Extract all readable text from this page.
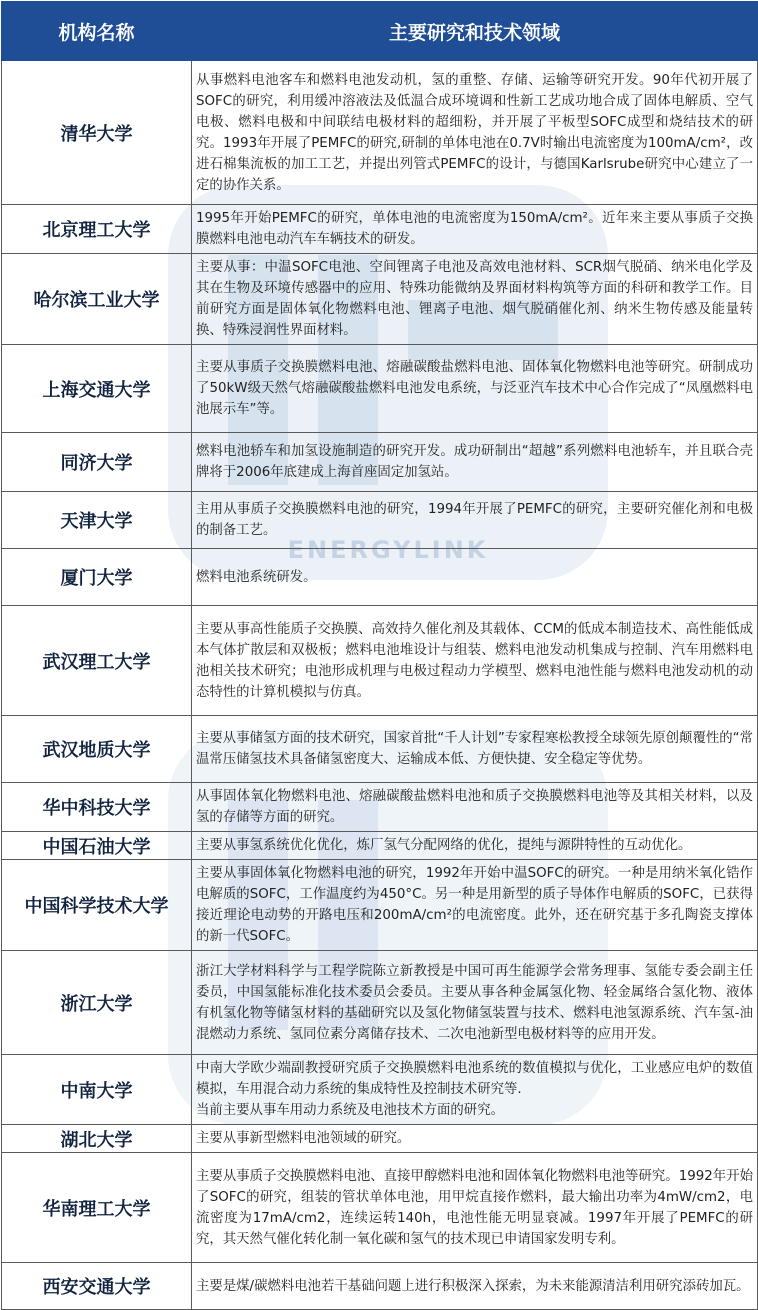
ENERGYLINK
机构名称	主要研究和技术领域
清华大学	从事燃料电池客车和燃料电池发动机，氢的重整、存储、运输等研究开发。90年代初开展了SOFC的研究，利用缓冲溶液法及低温合成环境调和性新工艺成功地合成了固体电解质、空气电极、燃料电极和中间联结电极材料的超细粉，并开展了平板型SOFC成型和烧结技术的研究。1993年开展了PEMFC的研究,研制的单体电池在0.7V时输出电流密度为100mA/cm²，改进石棉集流板的加工工艺，并提出列管式PEMFC的设计，与德国Karlsrube研究中心建立了一定的协作关系。
北京理工大学	1995年开始PEMFC的研究，单体电池的电流密度为150mA/cm²。近年来主要从事质子交换膜燃料电池电动汽车车辆技术的研发。
哈尔滨工业大学	主要从事：中温SOFC电池、空间锂离子电池及高效电池材料、SCR烟气脱硝、纳米电化学及其在生物及环境传感器中的应用、特殊功能微纳及界面材料构筑等方面的科研和教学工作。目前研究方面是固体氧化物燃料电池、锂离子电池、烟气脱硝催化剂、纳米生物传感及能量转换、特殊浸润性界面材料。
上海交通大学	主要从事质子交换膜燃料电池、熔融碳酸盐燃料电池、固体氧化物燃料电池等研究。研制成功了50kW级天然气熔融碳酸盐燃料电池发电系统，与泛亚汽车技术中心合作完成了“凤凰燃料电池展示车”等。
同济大学	燃料电池轿车和加氢设施制造的研究开发。成功研制出“超越”系列燃料电池轿车，并且联合壳牌将于2006年底建成上海首座固定加氢站。
天津大学	主用从事质子交换膜燃料电池的研究，1994年开展了PEMFC的研究，主要研究催化剂和电极的制备工艺。
厦门大学	燃料电池系统研发。
武汉理工大学	主要从事高性能质子交换膜、高效持久催化剂及其载体、CCM的低成本制造技术、高性能低成本气体扩散层和双极板；燃料电池堆设计与组装、燃料电池发动机集成与控制、汽车用燃料电池相关技术研究；电池形成机理与电极过程动力学模型、燃料电池性能与燃料电池发动机的动态特性的计算机模拟与仿真。
武汉地质大学	主要从事储氢方面的技术研究，国家首批“千人计划”专家程寒松教授全球领先原创颠覆性的“常温常压储氢技术具备储氢密度大、运输成本低、方便快捷、安全稳定等优势。
华中科技大学	从事固体氧化物燃料电池、熔融碳酸盐燃料电池和质子交换膜燃料电池等及其相关材料，以及氢的存储等方面的研究。
中国石油大学	主要从事氢系统优化优化，炼厂氢气分配网络的优化，提纯与源阱特性的互动优化。
中国科学技术大学	主要从事固体氧化物燃料电池的研究，1992年开始中温SOFC的研究。一种是用纳米氧化锆作电解质的SOFC，工作温度约为450°C。另一种是用新型的质子导体作电解质的SOFC，已获得接近理论电动势的开路电压和200mA/cm²的电流密度。此外，还在研究基于多孔陶瓷支撑体的新一代SOFC。
浙江大学	浙江大学材料科学与工程学院陈立新教授是中国可再生能源学会常务理事、氢能专委会副主任委员，中国氢能标准化技术委员会委员。主要从事各种金属氢化物、轻金属络合氢化物、液体有机氢化物等储氢材料的基础研究以及氢化物储氢装置与技术、燃料电池氢源系统、汽车氢-油混燃动力系统、氢同位素分离储存技术、二次电池新型电极材料等的应用开发。
中南大学	中南大学欧少端副教授研究质子交换膜燃料电池系统的数值模拟与优化，工业感应电炉的数值模拟，车用混合动力系统的集成特性及控制技术研究等.
当前主要从事车用动力系统及电池技术方面的研究。
湖北大学	主要从事新型燃料电池领域的研究。
华南理工大学	主要从事质子交换膜燃料电池、直接甲醇燃料电池和固体氧化物燃料电池等研究。1992年开始了SOFC的研究，组装的管状单体电池，用甲烷直接作燃料，最大输出功率为4mW/cm2，电流密度为17mA/cm2，连续运转140h，电池性能无明显衰减。1997年开展了PEMFC的研究，其天然气催化转化制一氧化碳和氢气的技术现已申请国家发明专利。
西安交通大学	主要是煤/碳燃料电池若干基础问题上进行积极深入探索，为未来能源清洁利用研究添砖加瓦。
